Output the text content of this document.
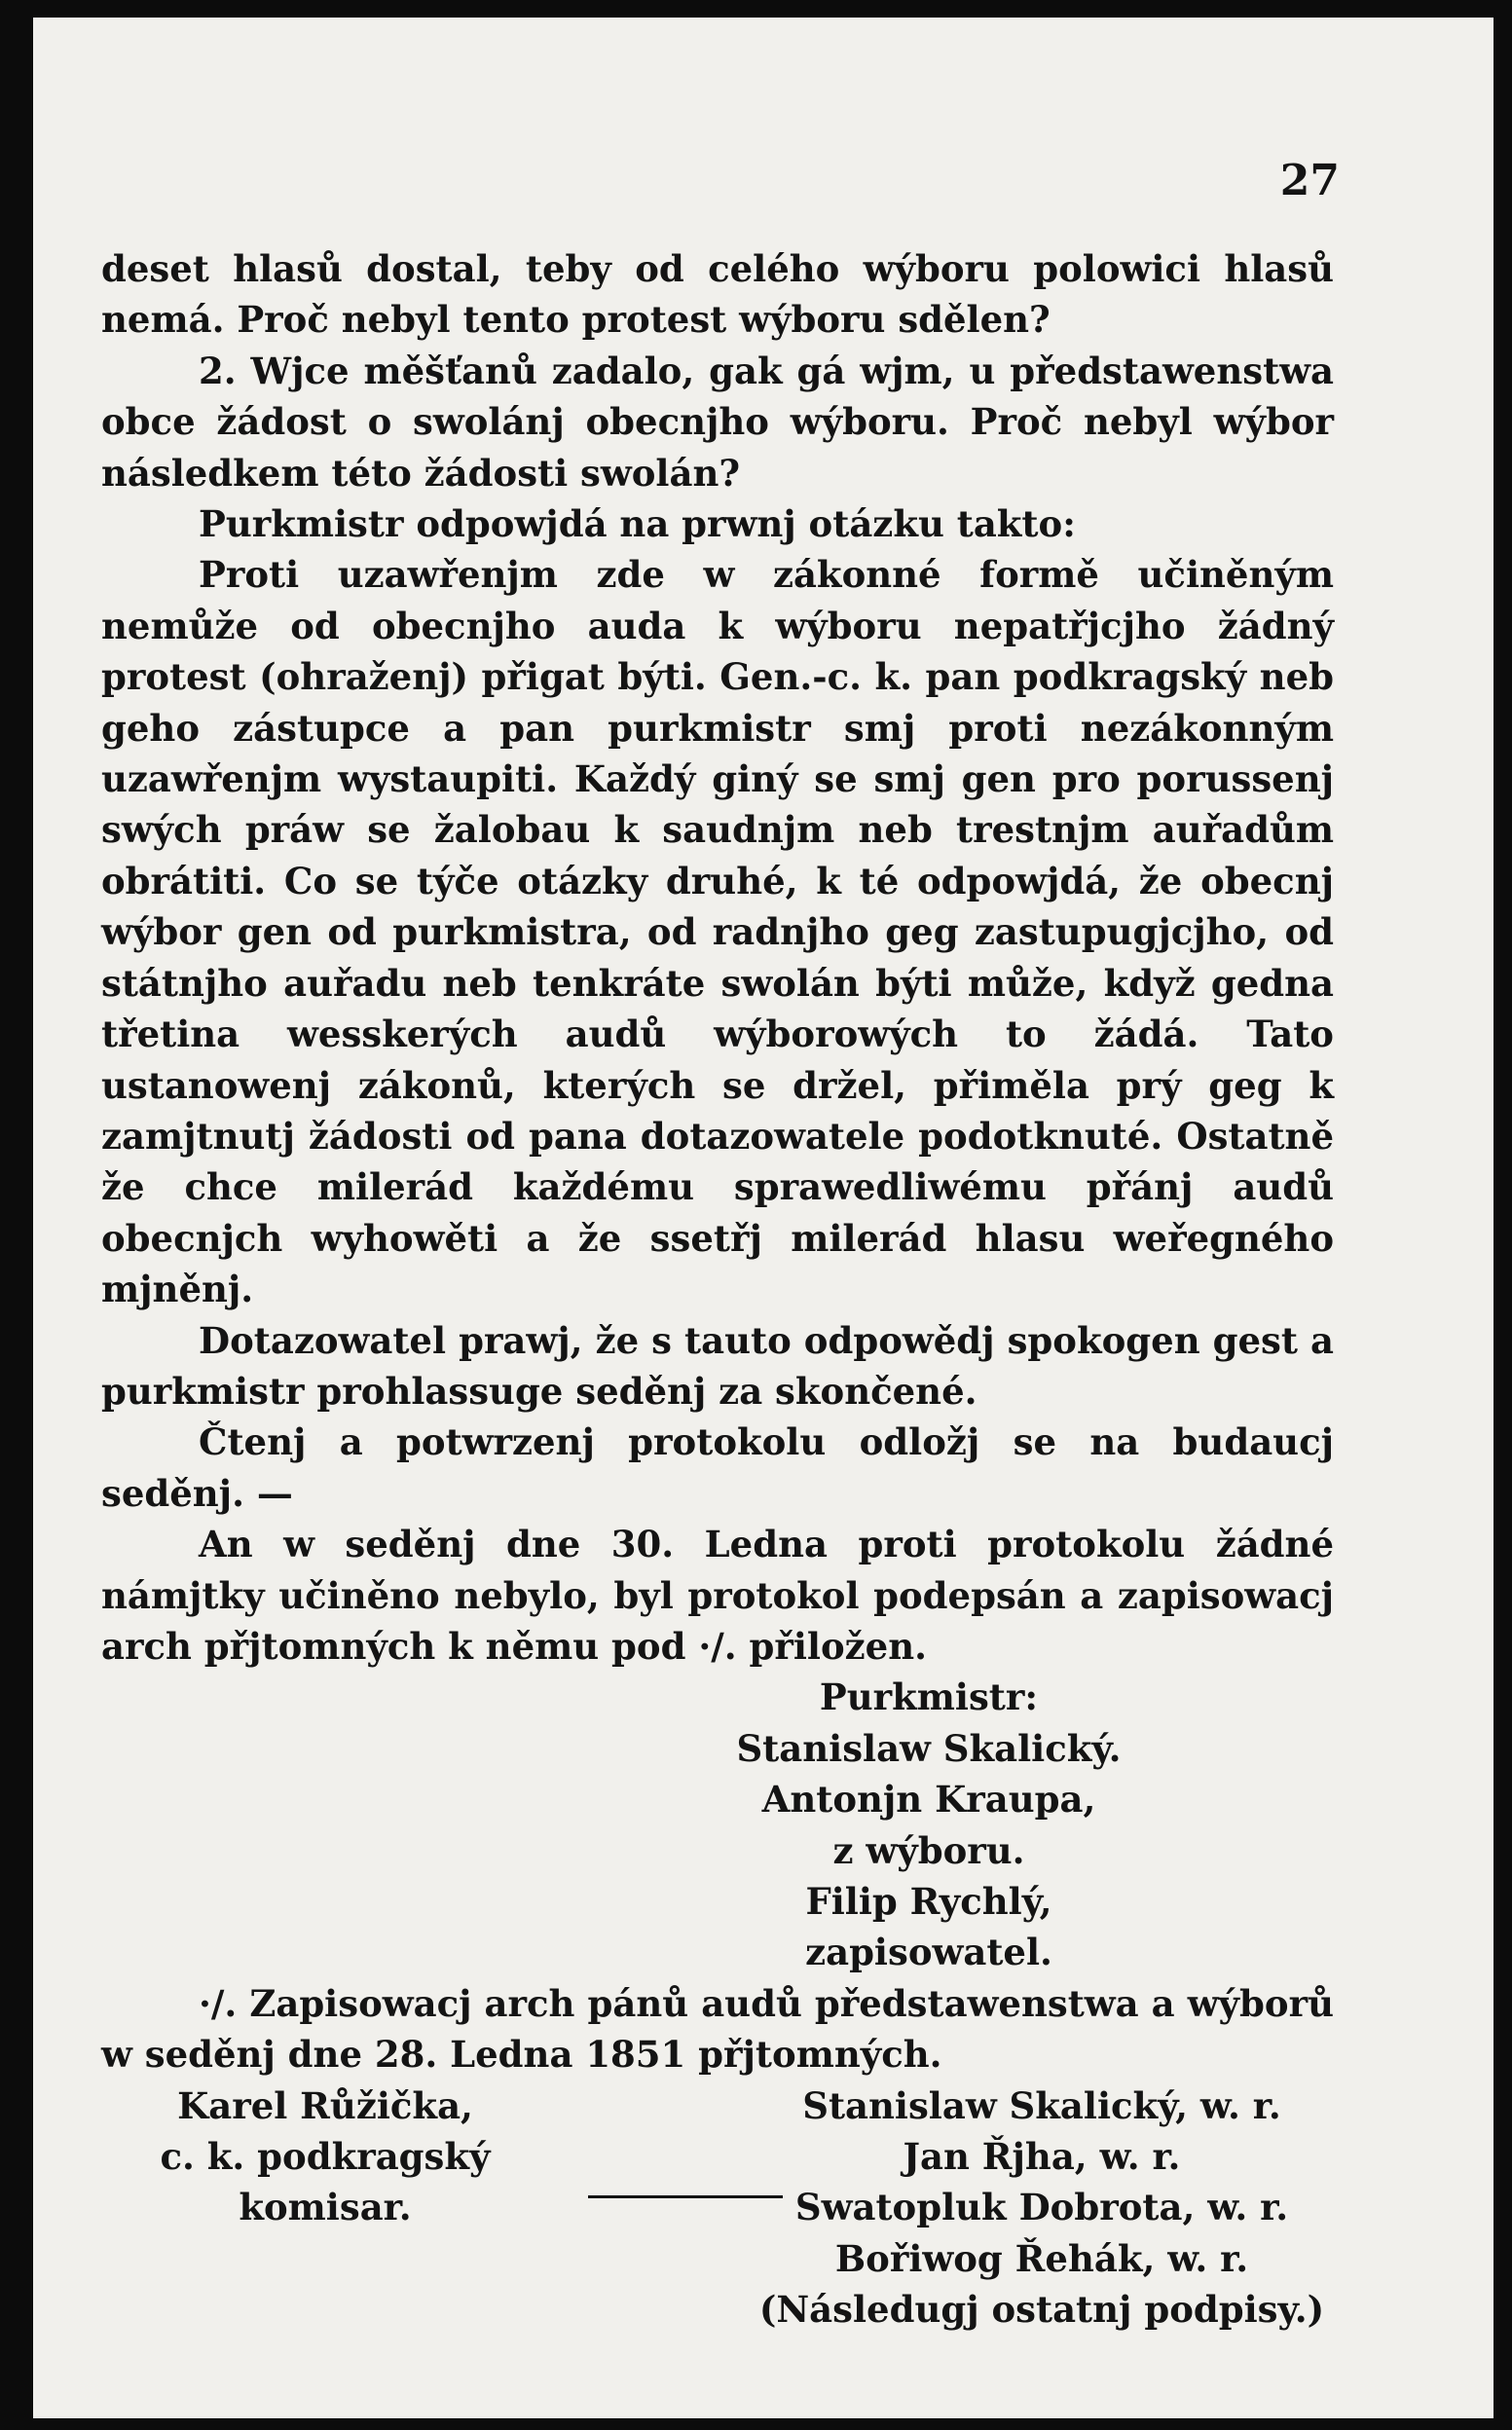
27

deset hlasů dostal, teby od celého wýboru polowici hlasů nemá. Proč nebyl tento protest wýboru sdělen?

2. Wjce měšťanů zadalo, gak gá wjm, u předstawenstwa obce žádost o swolánj obecnjho wýboru. Proč nebyl wýbor následkem této žádosti swolán?

Purkmistr odpowjdá na prwnj otázku takto:

Proti uzawřenjm zde w zákonné formě učiněným nemůže od obecnjho auda k wýboru nepatřjcjho žádný protest (ohraženj) přigat býti. Gen.-c. k. pan podkragský neb geho zástupce a pan purkmistr smj proti nezákonným uzawřenjm wystaupiti. Každý giný se smj gen pro porussenj swých práw se žalobau k saudnjm neb trestnjm auřadům obrátiti. Co se týče otázky druhé, k té odpowjdá, že obecnj wýbor gen od purkmistra, od radnjho geg zastupugjcjho, od státnjho auřadu neb tenkráte swolán býti může, když gedna třetina wesskerých audů wýborowých to žádá. Tato ustanowenj zákonů, kterých se držel, přiměla prý geg k zamjtnutj žádosti od pana dotazowatele podotknuté. Ostatně že chce milerád každému sprawedliwému přánj audů obecnjch wyhowěti a že ssetřj milerád hlasu weřegného mjněnj.

Dotazowatel prawj, že s tauto odpowědj spokogen gest a purkmistr prohlassuge seděnj za skončené.

Čtenj a potwrzenj protokolu odložj se na budaucj seděnj. —

An w seděnj dne 30. Ledna proti protokolu žádné námjtky učiněno nebylo, byl protokol podepsán a zapisowacj arch přjtomných k němu pod ·/. přiložen.

Purkmistr:
Stanislaw Skalický.
Antonjn Kraupa,
z wýboru.
Filip Rychlý,
zapisowatel.

·/. Zapisowacj arch pánů audů předstawenstwa a wýborů w seděnj dne 28. Ledna 1851 přjtomných.

Karel Růžička,
c. k. podkragský komisar.
Stanislaw Skalický, w. r.
Jan Řjha, w. r.
Swatopluk Dobrota, w. r.
Bořiwog Řehák, w. r.
(Následugj ostatnj podpisy.)
